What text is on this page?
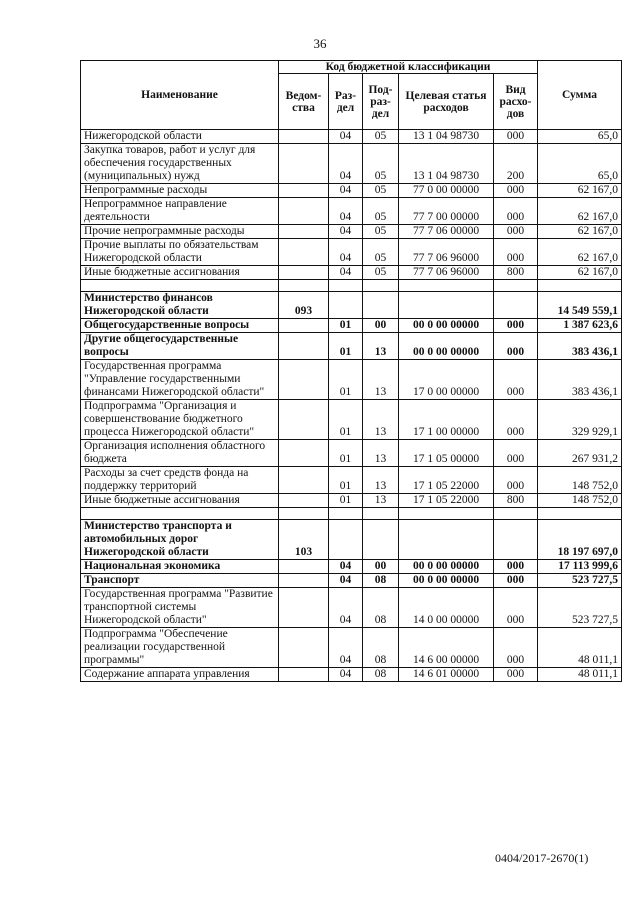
36
Наименование	Код бюджетной классификации					Сумма
	Ведом-ства	Раз-дел	Под-раз-дел	Целевая статья расходов	Вид расхо-дов	
Нижегородской области		04	05	13 1 04 98730	000	65,0
Закупка товаров, работ и услуг для обеспечения государственных (муниципальных) нужд		04	05	13 1 04 98730	200	65,0
Непрограммные расходы		04	05	77 0 00 00000	000	62 167,0
Непрограммное направление деятельности		04	05	77 7 00 00000	000	62 167,0
Прочие непрограммные расходы		04	05	77 7 06 00000	000	62 167,0
Прочие выплаты по обязательствам Нижегородской области		04	05	77 7 06 96000	000	62 167,0
Иные бюджетные ассигнования		04	05	77 7 06 96000	800	62 167,0

Министерство финансов Нижегородской области	093					14 549 559,1
Общегосударственные вопросы		01	00	00 0 00 00000	000	1 387 623,6
Другие общегосударственные вопросы		01	13	00 0 00 00000	000	383 436,1
Государственная программа "Управление государственными финансами Нижегородской области"		01	13	17 0 00 00000	000	383 436,1
Подпрограмма "Организация и совершенствование бюджетного процесса Нижегородской области"		01	13	17 1 00 00000	000	329 929,1
Организация исполнения областного бюджета		01	13	17 1 05 00000	000	267 931,2
Расходы за счет средств фонда на поддержку территорий		01	13	17 1 05 22000	000	148 752,0
Иные бюджетные ассигнования		01	13	17 1 05 22000	800	148 752,0

Министерство транспорта и автомобильных дорог Нижегородской области	103					18 197 697,0
Национальная экономика		04	00	00 0 00 00000	000	17 113 999,6
Транспорт		04	08	00 0 00 00000	000	523 727,5
Государственная программа "Развитие транспортной системы Нижегородской области"		04	08	14 0 00 00000	000	523 727,5
Подпрограмма "Обеспечение реализации государственной программы"		04	08	14 6 00 00000	000	48 011,1
Содержание аппарата управления		04	08	14 6 01 00000	000	48 011,1
0404/2017-2670(1)
